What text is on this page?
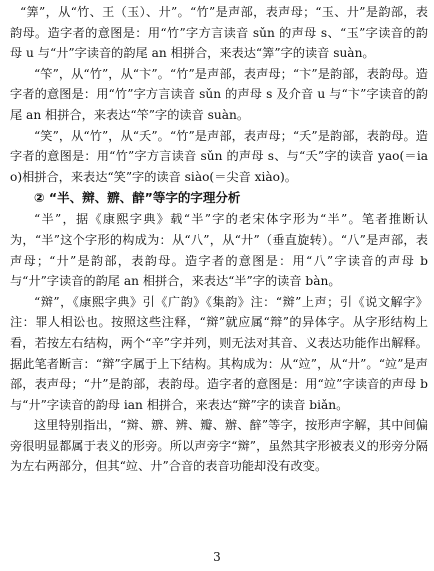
“筭”，从“竹、王（玉）、廾”。“竹”是声部，表声母；“玉、廾”是韵部，表韵母。造字者的意图是：用“竹”字方言读音 sǔn 的声母 s、“玉”字读音的韵母 u 与“廾”字读音的韵尾 an 相拼合，来表达“筭”字的读音 suàn。

“笇”，从“竹”，从“卞”。“竹”是声部，表声母；“卞”是韵部，表韵母。造字者的意图是：用“竹”字方言读音 sǔn 的声母 s 及介音 u 与“卞”字读音的韵尾 an 相拼合，来表达“笇”字的读音 suàn。

“笑”，从“竹”，从“夭”。“竹”是声部，表声母；“夭”是韵部，表韵母。造字者的意图是：用“竹”字方言读音 sǔn 的声母 s、与“夭”字的读音 yao(＝iao)相拼合，来表达“笑”字的读音 siào(＝尖音 xiào)。

② “半、辬、辧、辪”等字的字理分析

“半”，据《康熙字典》载“半”字的老宋体字形为“半”。笔者推断认为，“半”这个字形的构成为：从“八”，从“廾”（垂直旋转）。“八”是声部，表声母；“廾”是韵部，表韵母。造字者的意图是：用“八”字读音的声母 b 与“廾”字读音的韵尾 an 相拼合，来表达“半”字的读音 bàn。

“辬”，《康熙字典》引《广韵》《集韵》注：“辬”上声；引《说文解字》注：罪人相讼也。按照这些注释，“辬”就应属“辩”的异体字。从字形结构上看，若按左右结构，两个“辛”字并列，则无法对其音、义表达功能作出解释。据此笔者断言：“辬”字属于上下结构。其构成为：从“竝”，从“廾”。“竝”是声部，表声母；“廾”是韵部，表韵母。造字者的意图是：用“竝”字读音的声母 b 与“廾”字读音的韵母 ian 相拼合，来表达“辬”字的读音 biǎn。

这里特别指出，“辬、辧、辨、瓣、辦、辪”等字，按形声字解，其中间偏旁很明显都属于表义的形旁。所以声旁字“辬”，虽然其字形被表义的形旁分隔为左右两部分，但其“竝、廾”合音的表音功能却没有改变。

3
